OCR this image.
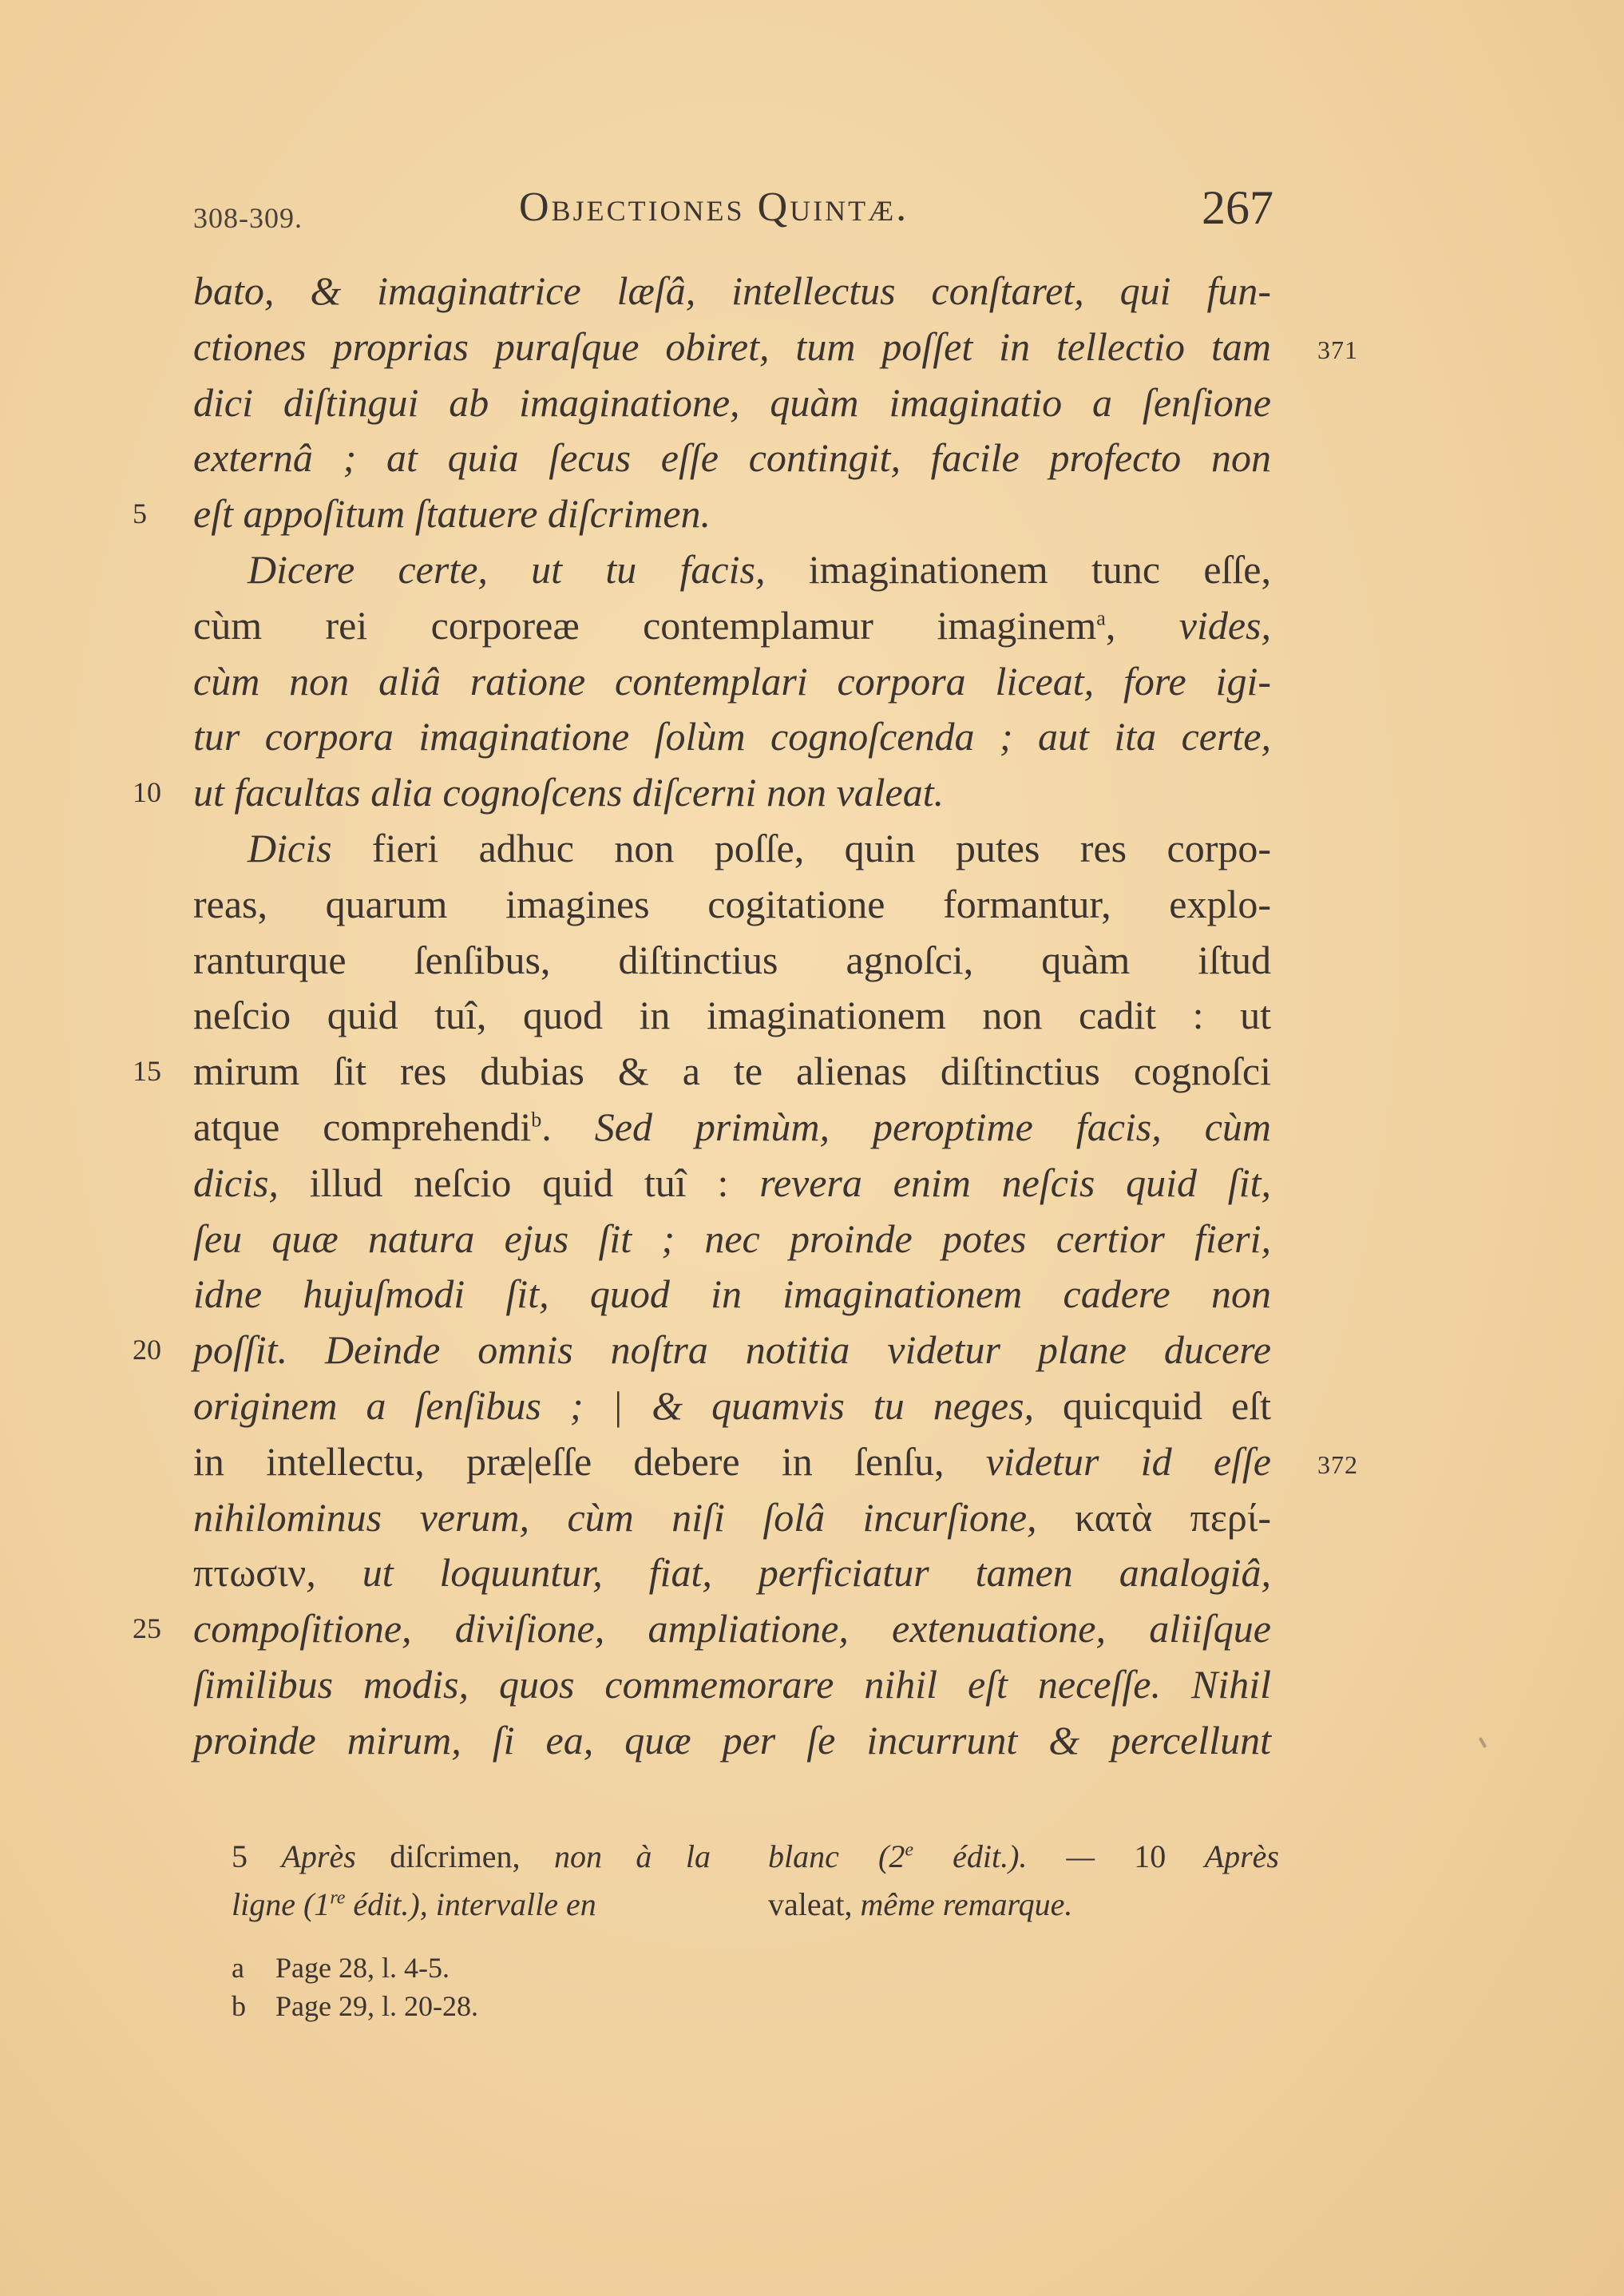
308-309.	Objectiones Quintæ.	267
bato, & imaginatrice læſâ, intellectus conſtaret, qui fun-
ctiones proprias puraſque obiret, tum poſſet in tellectio tam 371
dici diſtingui ab imaginatione, quàm imaginatio a ſenſione
externâ ; at quia ſecus eſſe contingit, facile profecto non
5	eſt appoſitum ſtatuere diſcrimen.
Dicere certe, ut tu facis, imaginationem tunc eſſe,
cùm rei corporeæ contemplamur imaginem$^a$, vides,
cùm non aliâ ratione contemplari corpora liceat, fore igi-
tur corpora imaginatione ſolùm cognoſcenda ; aut ita certe,
10 ut facultas alia cognoſcens diſcerni non valeat.
Dicis fieri adhuc non poſſe, quin putes res corpo-
reas, quarum imagines cogitatione formantur, explo-
ranturque ſenſibus, diſtinctius agnoſci, quàm iſtud
neſcio quid tuî, quod in imaginationem non cadit : ut
15 mirum ſit res dubias & a te alienas diſtinctius cognoſci
atque comprehendi$^b$. Sed primùm, peroptime facis, cùm
dicis, illud neſcio quid tuî : revera enim neſcis quid ſit,
ſeu quæ natura ejus ſit ; nec proinde potes certior fieri,
idne hujuſmodi ſit, quod in imaginationem cadere non
20 poſſit. Deinde omnis noſtra notitia videtur plane ducere
originem a ſenſibus ; | & quamvis tu neges, quicquid eſt
in intellectu, præ|eſſe debere in ſenſu, videtur id eſſe 372
nihilominus verum, cùm niſi ſolâ incurſione, κατὰ περί-
πτωσιν, ut loquuntur, fiat, perficiatur tamen analogiâ,
25 compoſitione, diviſione, ampliatione, extenuatione, aliiſque
ſimilibus modis, quos commemorare nihil eſt neceſſe. Nihil
proinde mirum, ſi ea, quæ per ſe incurrunt & percellunt
5 Après diſcrimen, non à la
ligne (1re édit.), intervalle en
blanc (2e édit.). — 10 Après
valeat, même remarque.
a Page 28, l. 4-5.
b Page 29, l. 20-28.
